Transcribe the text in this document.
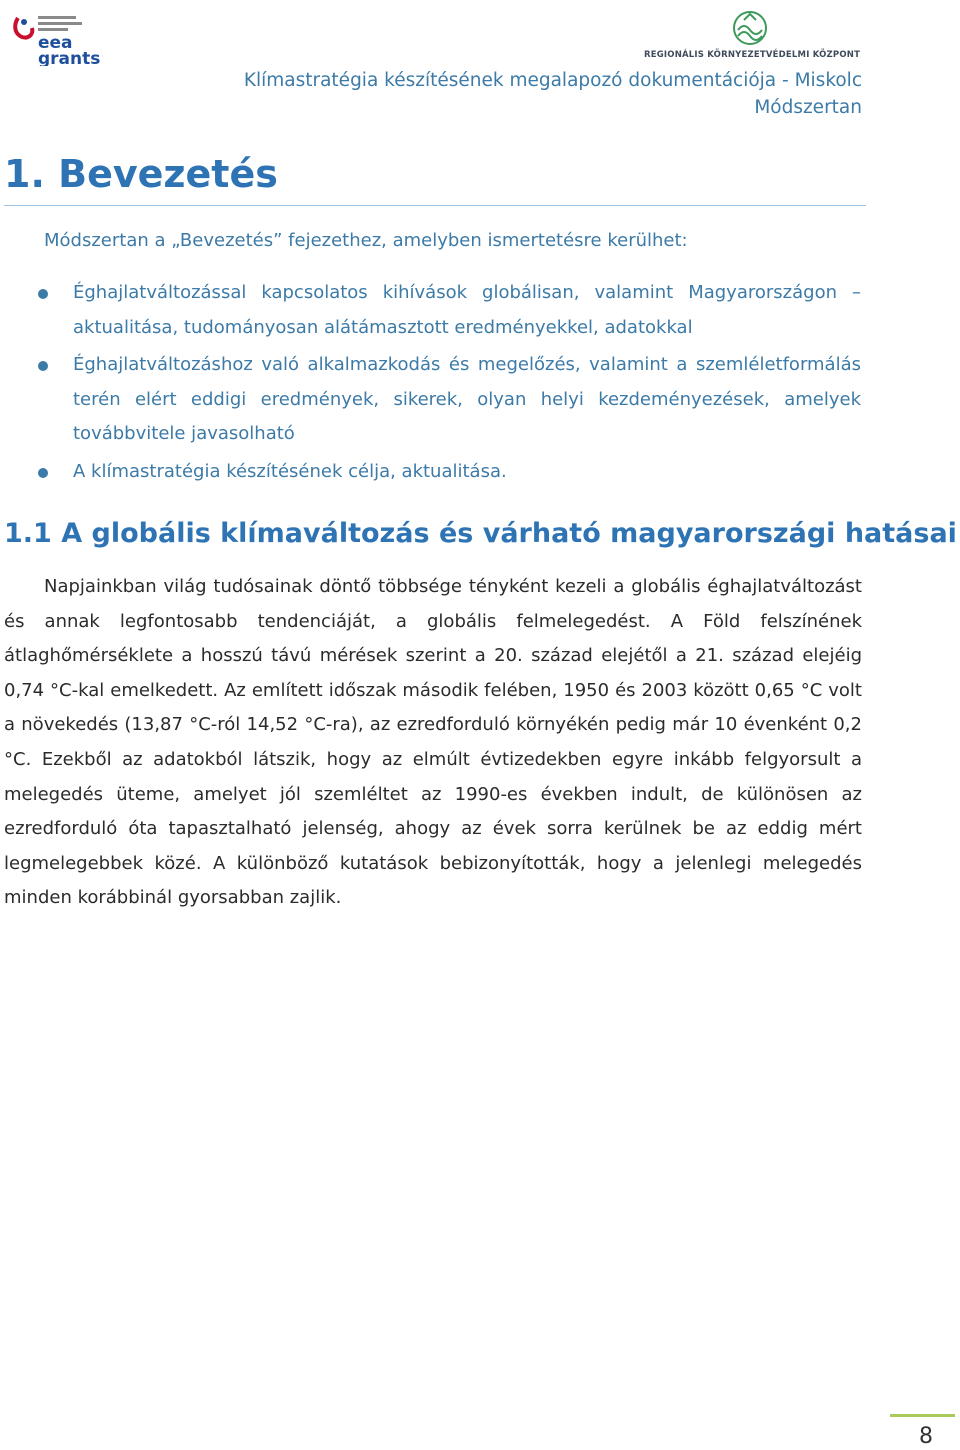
eea
grants	REGIONÁLIS KÖRNYEZETVÉDELMI KÖZPONT
Klímastratégia készítésének megalapozó dokumentációja - Miskolc
Módszertan
1. Bevezetés
Módszertan a „Bevezetés” fejezethez, amelyben ismertetésre kerülhet:
Éghajlatváltozással kapcsolatos kihívások globálisan, valamint Magyarországon – aktualitása, tudományosan alátámasztott eredményekkel, adatokkal
Éghajlatváltozáshoz való alkalmazkodás és megelőzés, valamint a szemléletformálás terén elért eddigi eredmények, sikerek, olyan helyi kezdeményezések, amelyek továbbvitele javasolható
A klímastratégia készítésének célja, aktualitása.
1.1 A globális klímaváltozás és várható magyarországi hatásai
Napjainkban világ tudósainak döntő többsége tényként kezeli a globális éghajlatváltozást és annak legfontosabb tendenciáját, a globális felmelegedést. A Föld felszínének átlaghőmérséklete a hosszú távú mérések szerint a 20. század elejétől a 21. század elejéig 0,74 °C-kal emelkedett. Az említett időszak második felében, 1950 és 2003 között 0,65 °C volt a növekedés (13,87 °C-ról 14,52 °C-ra), az ezredforduló környékén pedig már 10 évenként 0,2 °C. Ezekből az adatokból látszik, hogy az elmúlt évtizedekben egyre inkább felgyorsult a melegedés üteme, amelyet jól szemléltet az 1990-es években indult, de különösen az ezredforduló óta tapasztalható jelenség, ahogy az évek sorra kerülnek be az eddig mért legmelegebbek közé. A különböző kutatások bebizonyították, hogy a jelenlegi melegedés minden korábbinál gyorsabban zajlik.
8
